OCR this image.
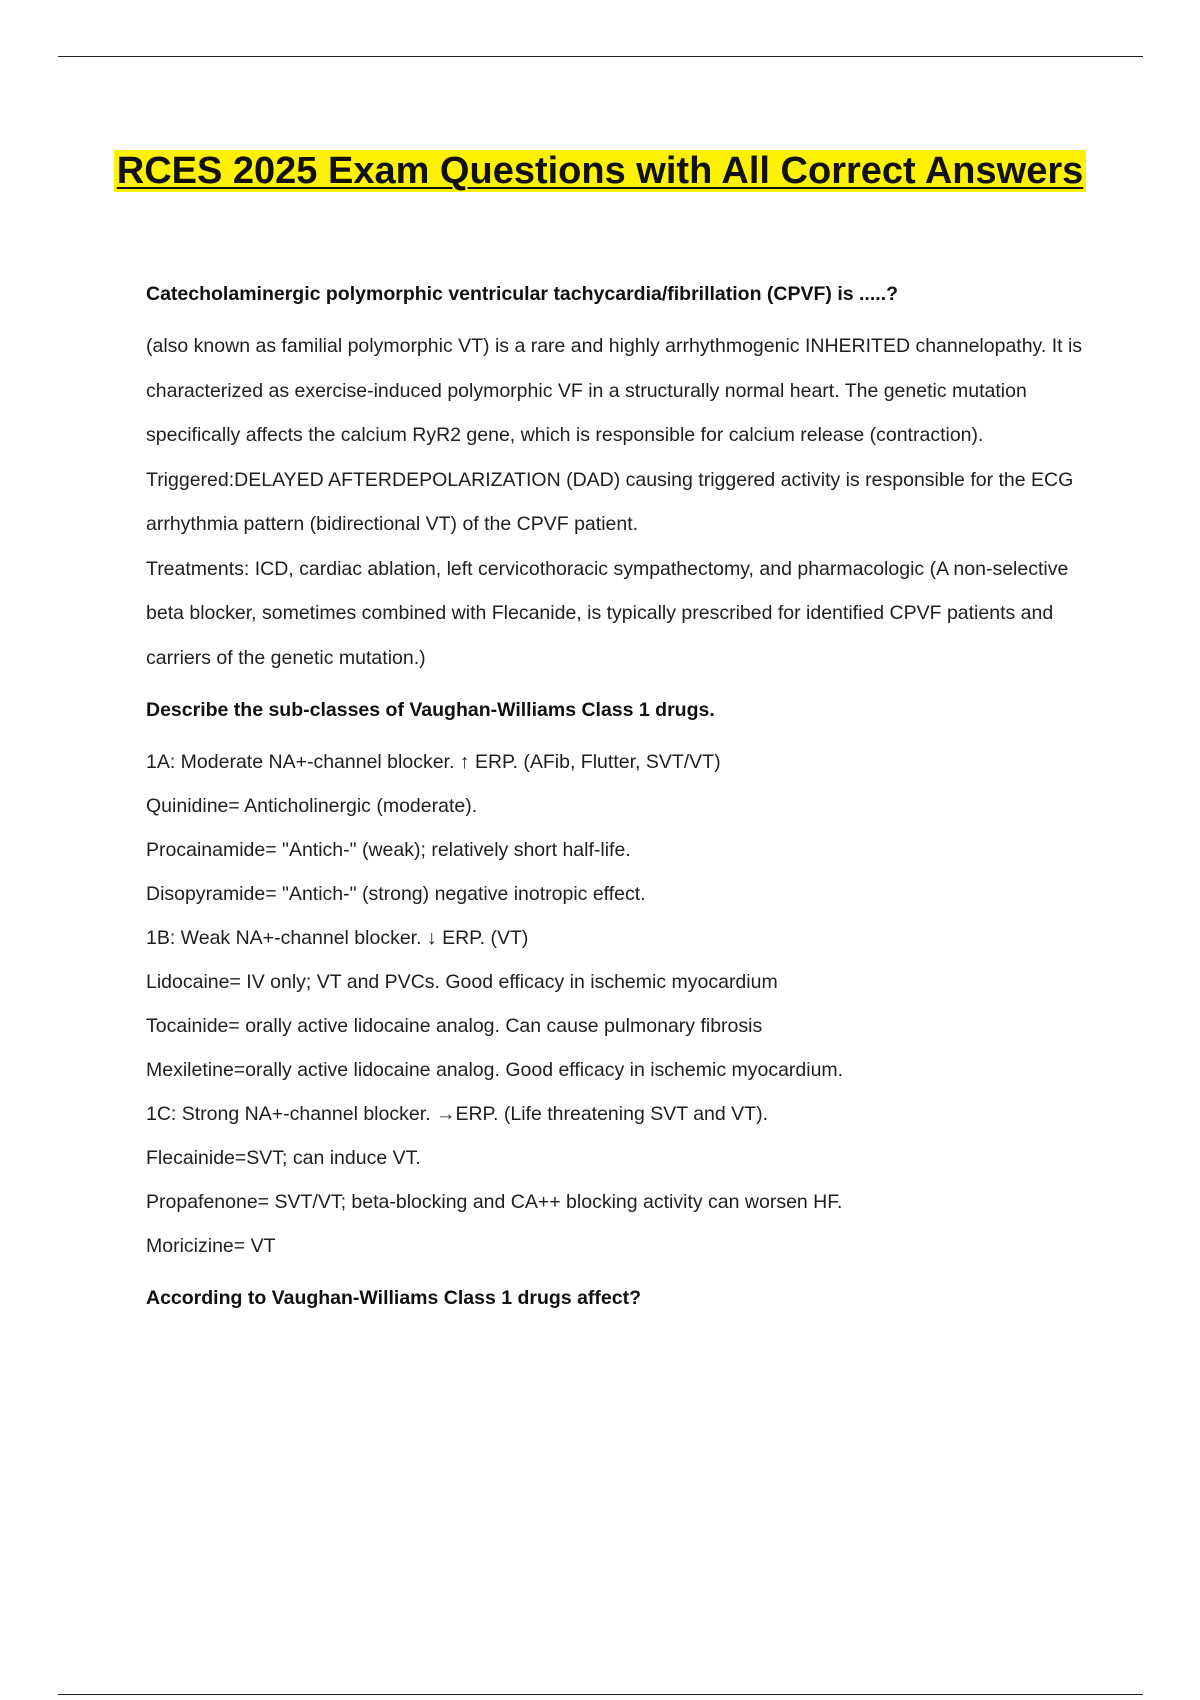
RCES 2025 Exam Questions with All Correct Answers

Catecholaminergic polymorphic ventricular tachycardia/fibrillation (CPVF) is .....?

(also known as familial polymorphic VT) is a rare and highly arrhythmogenic INHERITED channelopathy. It is characterized as exercise-induced polymorphic VF in a structurally normal heart. The genetic mutation specifically affects the calcium RyR2 gene, which is responsible for calcium release (contraction).

Triggered:DELAYED AFTERDEPOLARIZATION (DAD) causing triggered activity is responsible for the ECG arrhythmia pattern (bidirectional VT) of the CPVF patient.

Treatments: ICD, cardiac ablation, left cervicothoracic sympathectomy, and pharmacologic (A non-selective beta blocker, sometimes combined with Flecanide, is typically prescribed for identified CPVF patients and carriers of the genetic mutation.)

Describe the sub-classes of Vaughan-Williams Class 1 drugs.

1A: Moderate NA+-channel blocker. ↑ ERP. (AFib, Flutter, SVT/VT)

Quinidine= Anticholinergic (moderate).

Procainamide= "Antich-" (weak); relatively short half-life.

Disopyramide= "Antich-" (strong) negative inotropic effect.

1B: Weak NA+-channel blocker. ↓ ERP. (VT)

Lidocaine= IV only; VT and PVCs. Good efficacy in ischemic myocardium

Tocainide= orally active lidocaine analog. Can cause pulmonary fibrosis

Mexiletine=orally active lidocaine analog. Good efficacy in ischemic myocardium.

1C: Strong NA+-channel blocker. →ERP. (Life threatening SVT and VT).

Flecainide=SVT; can induce VT.

Propafenone= SVT/VT; beta-blocking and CA++ blocking activity can worsen HF.

Moricizine= VT

According to Vaughan-Williams Class 1 drugs affect?
